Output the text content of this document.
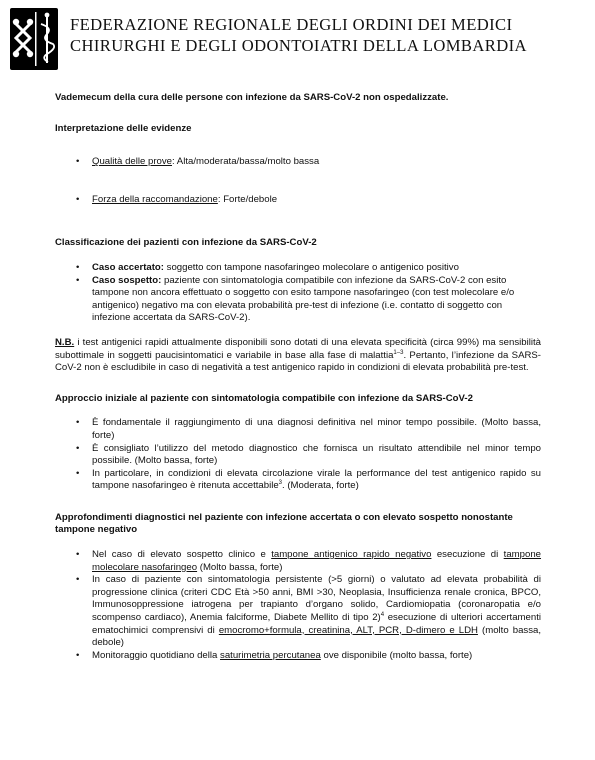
FEDERAZIONE REGIONALE DEGLI ORDINI DEI MEDICI
CHIRURGHI E DEGLI ODONTOIATRI DELLA LOMBARDIA

Vademecum della cura delle persone con infezione da SARS-CoV-2 non ospedalizzate.

Interpretazione delle evidenze

• Qualità delle prove: Alta/moderata/bassa/molto bassa
• Forza della raccomandazione: Forte/debole

Classificazione dei pazienti con infezione da SARS-CoV-2

• Caso accertato: soggetto con tampone nasofaringeo molecolare o antigenico positivo
• Caso sospetto: paziente con sintomatologia compatibile con infezione da SARS-CoV-2 con esito tampone non ancora effettuato o soggetto con esito tampone nasofaringeo (con test molecolare e/o antigenico) negativo ma con elevata probabilità pre-test di infezione (i.e. contatto di soggetto con infezione accertata da SARS-CoV-2).

N.B. i test antigenici rapidi attualmente disponibili sono dotati di una elevata specificità (circa 99%) ma sensibilità subottimale in soggetti paucisintomatici e variabile in base alla fase di malattia$^{1-3}$. Pertanto, l’infezione da SARS-CoV-2 non è escludibile in caso di negatività a test antigenico rapido in condizioni di elevata probabilità pre-test.

Approccio iniziale al paziente con sintomatologia compatibile con infezione da SARS-CoV-2

• È fondamentale il raggiungimento di una diagnosi definitiva nel minor tempo possibile. (Molto bassa, forte)
• È consigliato l’utilizzo del metodo diagnostico che fornisca un risultato attendibile nel minor tempo possibile. (Molto bassa, forte)
• In particolare, in condizioni di elevata circolazione virale la performance del test antigenico rapido su tampone nasofaringeo è ritenuta accettabile$^3$. (Moderata, forte)

Approfondimenti diagnostici nel paziente con infezione accertata o con elevato sospetto nonostante tampone negativo

• Nel caso di elevato sospetto clinico e tampone antigenico rapido negativo esecuzione di tampone molecolare nasofaringeo (Molto bassa, forte)
• In caso di paziente con sintomatologia persistente (>5 giorni) o valutato ad elevata probabilità di progressione clinica (criteri CDC Età >50 anni, BMI >30, Neoplasia, Insufficienza renale cronica, BPCO, Immunosoppressione iatrogena per trapianto d’organo solido, Cardiomiopatia (coronaropatia e/o scompenso cardiaco), Anemia falciforme, Diabete Mellito di tipo 2)$^4$ esecuzione di ulteriori accertamenti ematochimici comprensivi di emocromo+formula, creatinina, ALT, PCR, D-dimero e LDH (molto bassa, debole)
• Monitoraggio quotidiano della saturimetria percutanea ove disponibile (molto bassa, forte)
